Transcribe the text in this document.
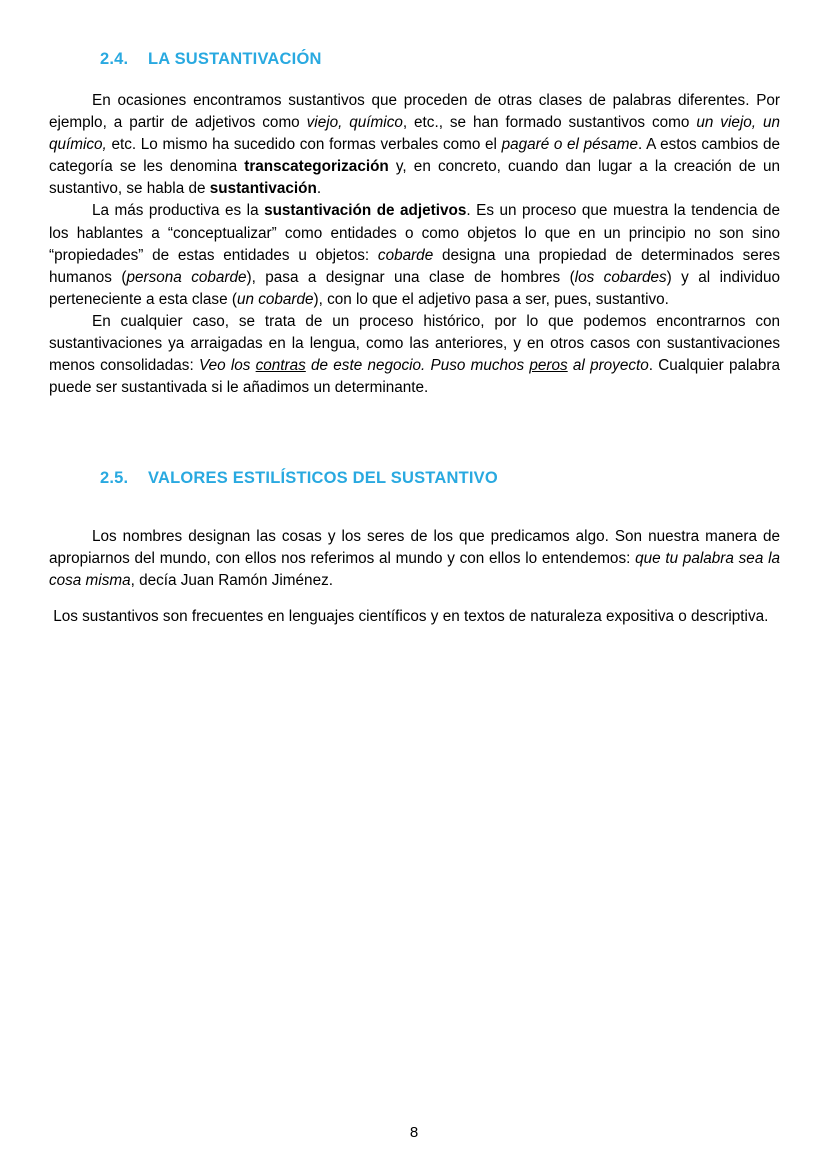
2.4.	LA SUSTANTIVACIÓN

En ocasiones encontramos sustantivos que proceden de otras clases de palabras diferentes. Por ejemplo, a partir de adjetivos como viejo, químico, etc., se han formado sustantivos como un viejo, un químico, etc. Lo mismo ha sucedido con formas verbales como el pagaré o el pésame. A estos cambios de categoría se les denomina transcategorización y, en concreto, cuando dan lugar a la creación de un sustantivo, se habla de sustantivación.

La más productiva es la sustantivación de adjetivos. Es un proceso que muestra la tendencia de los hablantes a “conceptualizar” como entidades o como objetos lo que en un principio no son sino “propiedades” de estas entidades u objetos: cobarde designa una propiedad de determinados seres humanos (persona cobarde), pasa a designar una clase de hombres (los cobardes) y al individuo perteneciente a esta clase (un cobarde), con lo que el adjetivo pasa a ser, pues, sustantivo.

En cualquier caso, se trata de un proceso histórico, por lo que podemos encontrarnos con sustantivaciones ya arraigadas en la lengua, como las anteriores, y en otros casos con sustantivaciones menos consolidadas: Veo los contras de este negocio. Puso muchos peros al proyecto. Cualquier palabra puede ser sustantivada si le añadimos un determinante.

2.5.	VALORES ESTILÍSTICOS DEL SUSTANTIVO

Los nombres designan las cosas y los seres de los que predicamos algo. Son nuestra manera de apropiarnos del mundo, con ellos nos referimos al mundo y con ellos lo entendemos: que tu palabra sea la cosa misma, decía Juan Ramón Jiménez.

Los sustantivos son frecuentes en lenguajes científicos y en textos de naturaleza expositiva o descriptiva.

8
